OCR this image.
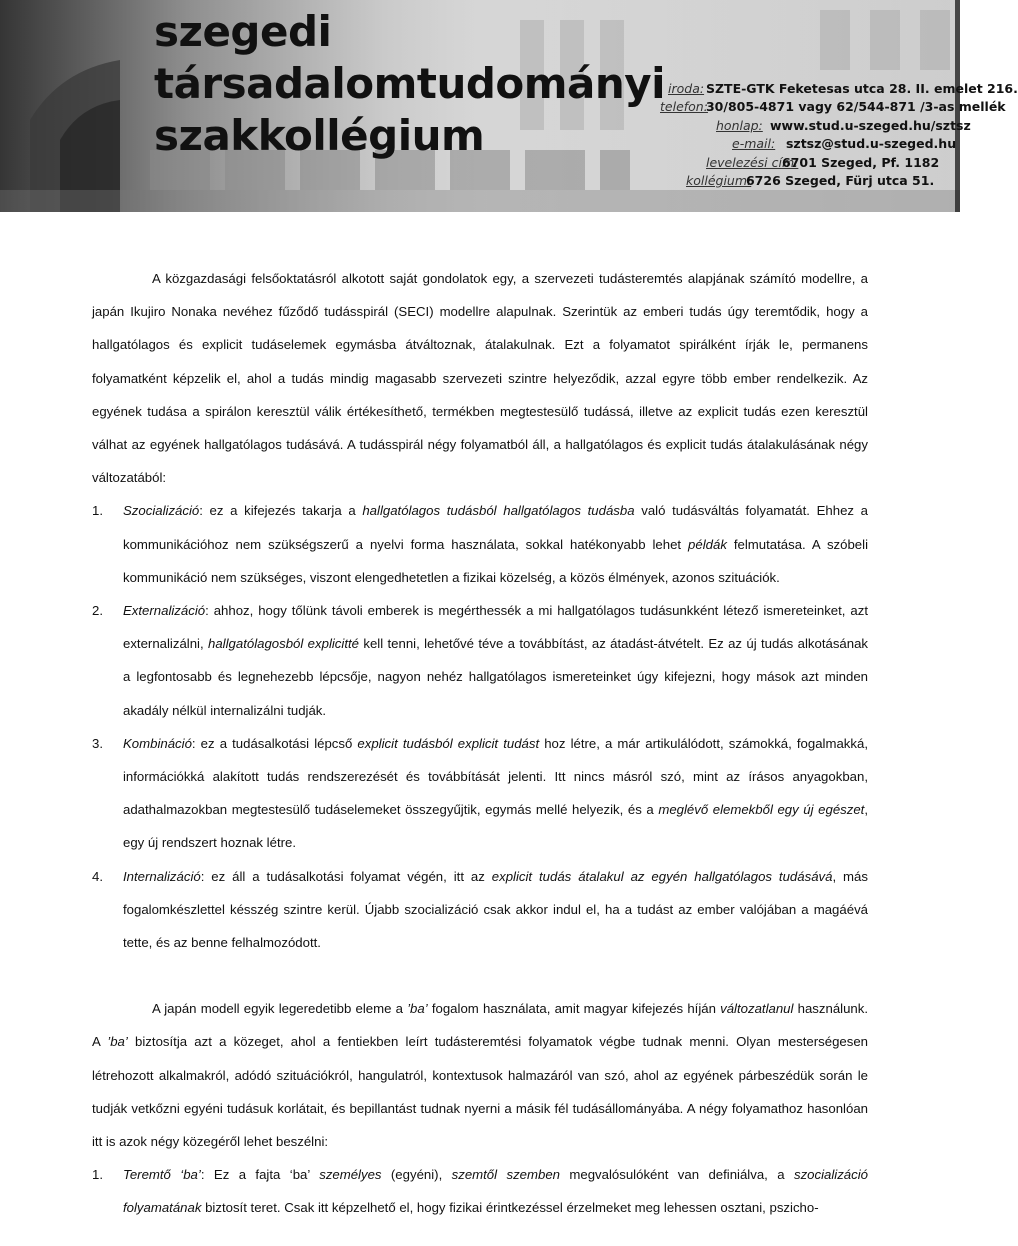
szegedi
társadalomtudományi
szakkollégium
iroda: SZTE-GTK Feketesas utca 28. II. emelet 216.
telefon: 30/805-4871 vagy 62/544-871 /3-as mellék
honlap: www.stud.u-szeged.hu/sztsz
e-mail: sztsz@stud.u-szeged.hu
levelezési cím: 6701 Szeged, Pf. 1182
kollégium: 6726 Szeged, Fürj utca 51.

A közgazdasági felsőoktatásról alkotott saját gondolatok egy, a szervezeti tudásteremtés alapjának számító modellre, a japán Ikujiro Nonaka nevéhez fűződő tudásspirál (SECI) modellre alapulnak. Szerintük az emberi tudás úgy teremtődik, hogy a hallgatólagos és explicit tudáselemek egymásba átváltoznak, átalakulnak. Ezt a folyamatot spirálként írják le, permanens folyamatként képzelik el, ahol a tudás mindig magasabb szervezeti szintre helyeződik, azzal egyre több ember rendelkezik. Az egyének tudása a spirálon keresztül válik értékesíthető, termékben megtestesülő tudássá, illetve az explicit tudás ezen keresztül válhat az egyének hallgatólagos tudásává. A tudásspirál négy folyamatból áll, a hallgatólagos és explicit tudás átalakulásának négy változatából:

1.	Szocializáció: ez a kifejezés takarja a hallgatólagos tudásból hallgatólagos tudásba való tudásváltás folyamatát. Ehhez a kommunikációhoz nem szükségszerű a nyelvi forma használata, sokkal hatékonyabb lehet példák felmutatása. A szóbeli kommunikáció nem szükséges, viszont elengedhetetlen a fizikai közelség, a közös élmények, azonos szituációk.
2.	Externalizáció: ahhoz, hogy tőlünk távoli emberek is megérthessék a mi hallgatólagos tudásunkként létező ismereteinket, azt externalizálni, hallgatólagosból explicitté kell tenni, lehetővé téve a továbbítást, az átadást-átvételt. Ez az új tudás alkotásának a legfontosabb és legnehezebb lépcsője, nagyon nehéz hallgatólagos ismereteinket úgy kifejezni, hogy mások azt minden akadály nélkül internalizálni tudják.
3.	Kombináció: ez a tudásalkotási lépcső explicit tudásból explicit tudást hoz létre, a már artikulálódott, számokká, fogalmakká, információkká alakított tudás rendszerezését és továbbítását jelenti. Itt nincs másról szó, mint az írásos anyagokban, adathalmazokban megtestesülő tudáselemeket összegyűjtik, egymás mellé helyezik, és a meglévő elemekből egy új egészet, egy új rendszert hoznak létre.
4.	Internalizáció: ez áll a tudásalkotási folyamat végén, itt az explicit tudás átalakul az egyén hallgatólagos tudásává, más fogalomkészlettel késszég szintre kerül. Újabb szocializáció csak akkor indul el, ha a tudást az ember valójában a magáévá tette, és az benne felhalmozódott.

A japán modell egyik legeredetibb eleme a ’ba’ fogalom használata, amit magyar kifejezés híján változatlanul használunk. A ’ba’ biztosítja azt a közeget, ahol a fentiekben leírt tudásteremtési folyamatok végbe tudnak menni. Olyan mesterségesen létrehozott alkalmakról, adódó szituációkról, hangulatról, kontextusok halmazáról van szó, ahol az egyének párbeszédük során le tudják vetkőzni egyéni tudásuk korlátait, és bepillantást tudnak nyerni a másik fél tudásállományába. A négy folyamathoz hasonlóan itt is azok négy közegéről lehet beszélni:

1.	Teremtő ‘ba’: Ez a fajta ‘ba’ személyes (egyéni), szemtől szemben megvalósulóként van definiálva, a szocializáció folyamatának biztosít teret. Csak itt képzelhető el, hogy fizikai érintkezéssel érzelmeket meg lehessen osztani, pszicho-
